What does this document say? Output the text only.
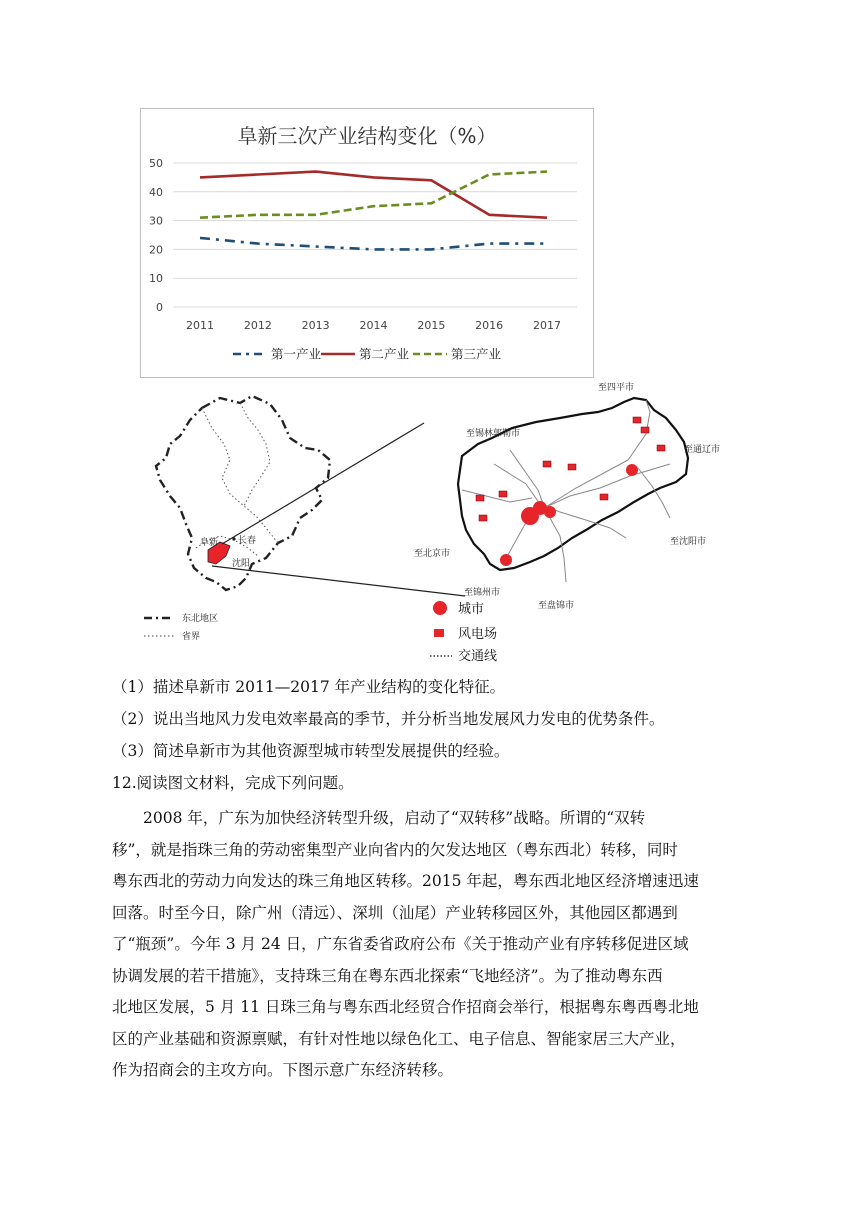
阜新三次产业结构变化（%）
0
10
20
30
40
50
2011	2012	2013	2014	2015	2016	2017
第一产业	第二产业	第三产业
阜新 长春
沈阳
东北地区
省界
至四平市
至锡林郭勒市
至通辽市
至沈阳市
至北京市
至锦州市
至盘锦市
城市
风电场
交通线
（1）描述阜新市 2011—2017 年产业结构的变化特征。
（2）说出当地风力发电效率最高的季节，并分析当地发展风力发电的优势条件。
（3）简述阜新市为其他资源型城市转型发展提供的经验。
12.阅读图文材料，完成下列问题。

2008 年，广东为加快经济转型升级，启动了“双转移”战略。所谓的“双转

移”，就是指珠三角的劳动密集型产业向省内的欠发达地区（粤东西北）转移，同时

粤东西北的劳动力向发达的珠三角地区转移。2015 年起，粤东西北地区经济增速迅速

回落。时至今日，除广州（清远）、深圳（汕尾）产业转移园区外，其他园区都遇到

了“瓶颈”。今年 3 月 24 日，广东省委省政府公布《关于推动产业有序转移促进区域

协调发展的若干措施》，支持珠三角在粤东西北探索“飞地经济”。为了推动粤东西

北地区发展，5 月 11 日珠三角与粤东西北经贸合作招商会举行，根据粤东粤西粤北地

区的产业基础和资源禀赋，有针对性地以绿色化工、电子信息、智能家居三大产业，

作为招商会的主攻方向。下图示意广东经济转移。
